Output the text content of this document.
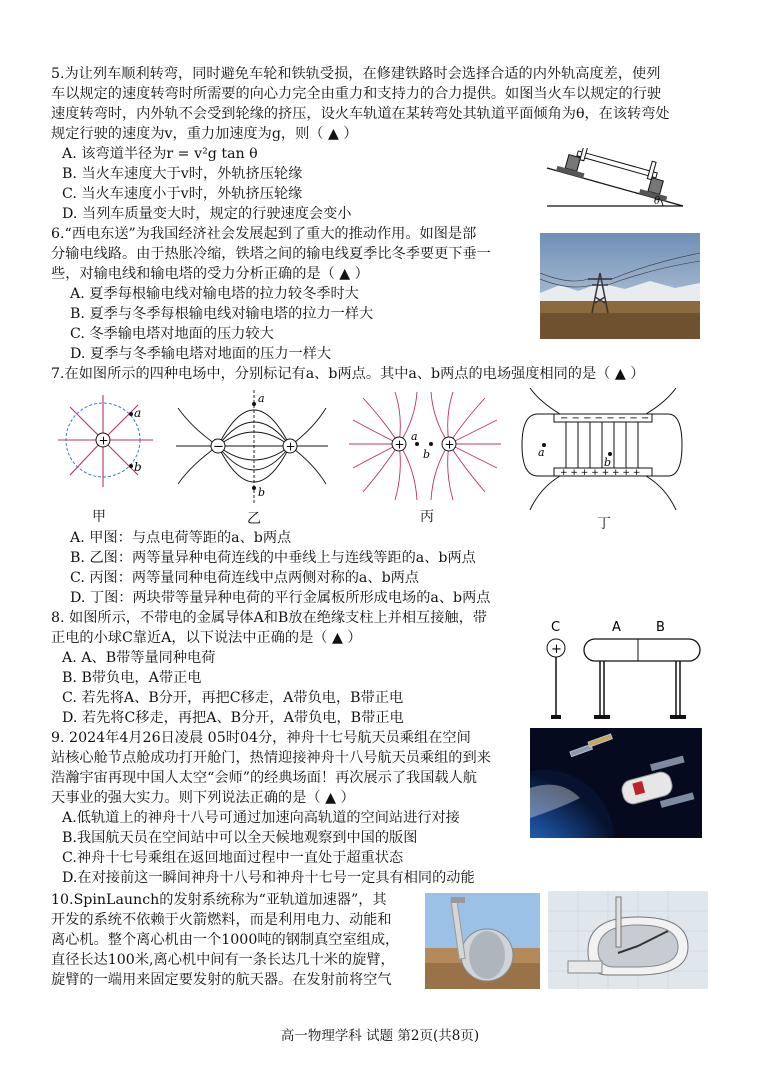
5.为让列车顺利转弯，同时避免车轮和铁轨受损，在修建铁路时会选择合适的内外轨高度差，使列
车以规定的速度转弯时所需要的向心力完全由重力和支持力的合力提供。如图当火车以规定的行驶
速度转弯时，内外轨不会受到轮缘的挤压，设火车轨道在某转弯处其轨道平面倾角为θ，在该转弯处
规定行驶的速度为v，重力加速度为g，则（ ▲ ）
A. 该弯道半径为r = v²g tan θ
B. 当火车速度大于v时，外轨挤压轮缘
C. 当火车速度小于v时，外轨挤压轮缘
D. 当列车质量变大时，规定的行驶速度会变小
θ
6.“西电东送”为我国经济社会发展起到了重大的推动作用。如图是部
分输电线路。由于热胀冷缩，铁塔之间的输电线夏季比冬季要更下垂一
些，对输电线和输电塔的受力分析正确的是（ ▲ ）
A. 夏季每根输电线对输电塔的拉力较冬季时大
B. 夏季与冬季每根输电线对输电塔的拉力一样大
C. 冬季输电塔对地面的压力较大
D. 夏季与冬季输电塔对地面的压力一样大
7.在如图所示的四种电场中，分别标记有a、b两点。其中a、b两点的电场强度相同的是（ ▲ ）
+
a
b
甲
−	+
a
b
乙
+	+
a
b
丙
− − − − − − − −
+ + + + + + + +
a
b
丁
A. 甲图：与点电荷等距的a、b两点
B. 乙图：两等量异种电荷连线的中垂线上与连线等距的a、b两点
C. 丙图：两等量同种电荷连线中点两侧对称的a、b两点
D. 丁图：两块带等量异种电荷的平行金属板所形成电场的a、b两点
8. 如图所示，不带电的金属导体A和B放在绝缘支柱上并相互接触，带
正电的小球C靠近A，以下说法中正确的是（ ▲ ）
A. A、B带等量同种电荷
B. B带负电，A带正电
C. 若先将A、B分开，再把C移走，A带负电，B带正电
D. 若先将C移走，再把A、B分开，A带负电，B带正电
C	A	B
+
9. 2024年4月26日凌晨 05时04分，神舟十七号航天员乘组在空间
站核心舱节点舱成功打开舱门，热情迎接神舟十八号航天员乘组的到来
浩瀚宇宙再现中国人太空“会师”的经典场面！再次展示了我国载人航
天事业的强大实力。则下列说法正确的是（ ▲ ）
A.低轨道上的神舟十八号可通过加速向高轨道的空间站进行对接
B.我国航天员在空间站中可以全天候地观察到中国的版图
C.神舟十七号乘组在返回地面过程中一直处于超重状态
D.在对接前这一瞬间神舟十八号和神舟十七号一定具有相同的动能
10.SpinLaunch的发射系统称为“亚轨道加速器”，其
开发的系统不依赖于火箭燃料，而是利用电力、动能和
离心机。整个离心机由一个1000吨的钢制真空室组成，
直径长达100米,离心机中间有一条长达几十米的旋臂，
旋臂的一端用来固定要发射的航天器。在发射前将空气
高一物理学科 试题 第2页(共8页)
